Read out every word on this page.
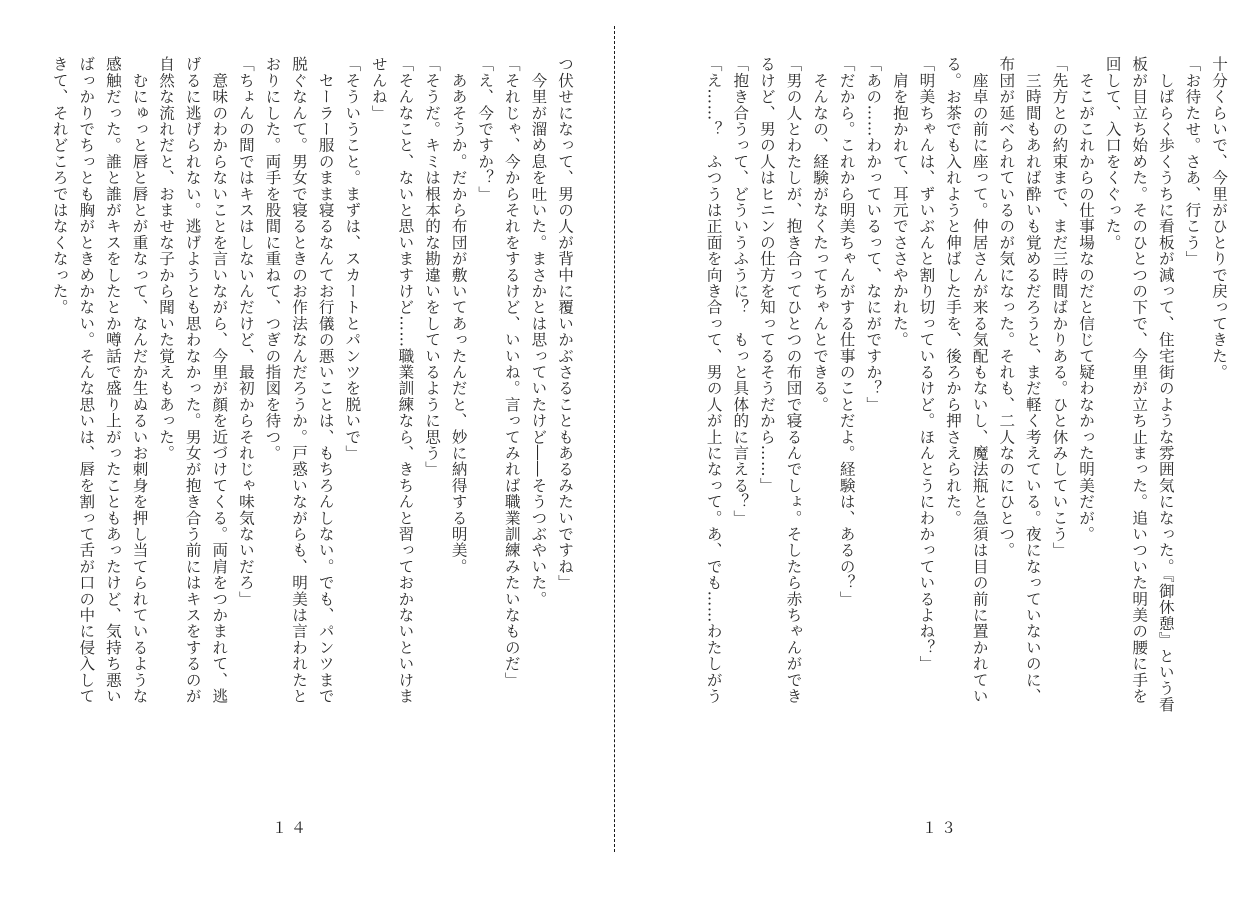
つ伏せになって、男の人が背中に覆いかぶさることもあるみたいですね」
　今里が溜め息を吐いた。まさかとは思っていたけど――そうつぶやいた。
「それじゃ、今からそれをするけど、いいね。言ってみれば職業訓練みたいなものだ」
「え、今ですか？」
　ああそうか。だから布団が敷いてあったんだと、妙に納得する明美。
「そうだ。キミは根本的な勘違いをしているように思う」
「そんなこと、ないと思いますけど……職業訓練なら、きちんと習っておかないといけま
せんね」
「そういうこと。まずは、スカートとパンツを脱いで」
　セーラー服のまま寝るなんてお行儀の悪いことは、もちろんしない。でも、パンツまで
脱ぐなんて。男女で寝るときのお作法なんだろうか。戸惑いながらも、明美は言われたと
おりにした。両手を股間に重ねて、つぎの指図を待つ。
「ちょんの間ではキスはしないんだけど、最初からそれじゃ味気ないだろ」
　意味のわからないことを言いながら、今里が顔を近づけてくる。両肩をつかまれて、逃
げるに逃げられない。逃げようとも思わなかった。男女が抱き合う前にはキスをするのが
自然な流れだと、おませな子から聞いた覚えもあった。
　むにゅっと唇と唇とが重なって、なんだか生ぬるいお刺身を押し当てられているような
感触だった。誰と誰がキスをしたとか噂話で盛り上がったこともあったけど、気持ち悪い
ばっかりでちっとも胸がときめかない。そんな思いは、唇を割って舌が口の中に侵入して
きて、それどころではなくなった。
１４
十分くらいで、今里がひとりで戻ってきた。
「お待たせ。さあ、行こう」
　しばらく歩くうちに看板が減って、住宅街のような雰囲気になった。『御休憩』という看
板が目立ち始めた。そのひとつの下で、今里が立ち止まった。追いついた明美の腰に手を
回して、入口をくぐった。
　そこがこれからの仕事場なのだと信じて疑わなかった明美だが。
「先方との約束まで、まだ三時間ばかりある。ひと休みしていこう」
　三時間もあれば酔いも覚めるだろうと、まだ軽く考えている。夜になっていないのに、
布団が延べられているのが気になった。それも、二人なのにひとつ。
　座卓の前に座って。仲居さんが来る気配もないし、魔法瓶と急須は目の前に置かれてい
る。お茶でも入れようと伸ばした手を、後ろから押さえられた。
「明美ちゃんは、ずいぶんと割り切っているけど。ほんとうにわかっているよね？」
　肩を抱かれて、耳元でささやかれた。
「あの……わかっているって、なにがですか？」
「だから。これから明美ちゃんがする仕事のことだよ。経験は、あるの？」
　そんなの、経験がなくたってちゃんとできる。
「男の人とわたしが、抱き合ってひとつの布団で寝るんでしょ。そしたら赤ちゃんができ
るけど、男の人はヒニンの仕方を知ってるそうだから……」
「抱き合うって、どういうふうに？　もっと具体的に言える？」
「え……？　ふつうは正面を向き合って、男の人が上になって。あ、でも……わたしがう
１３
